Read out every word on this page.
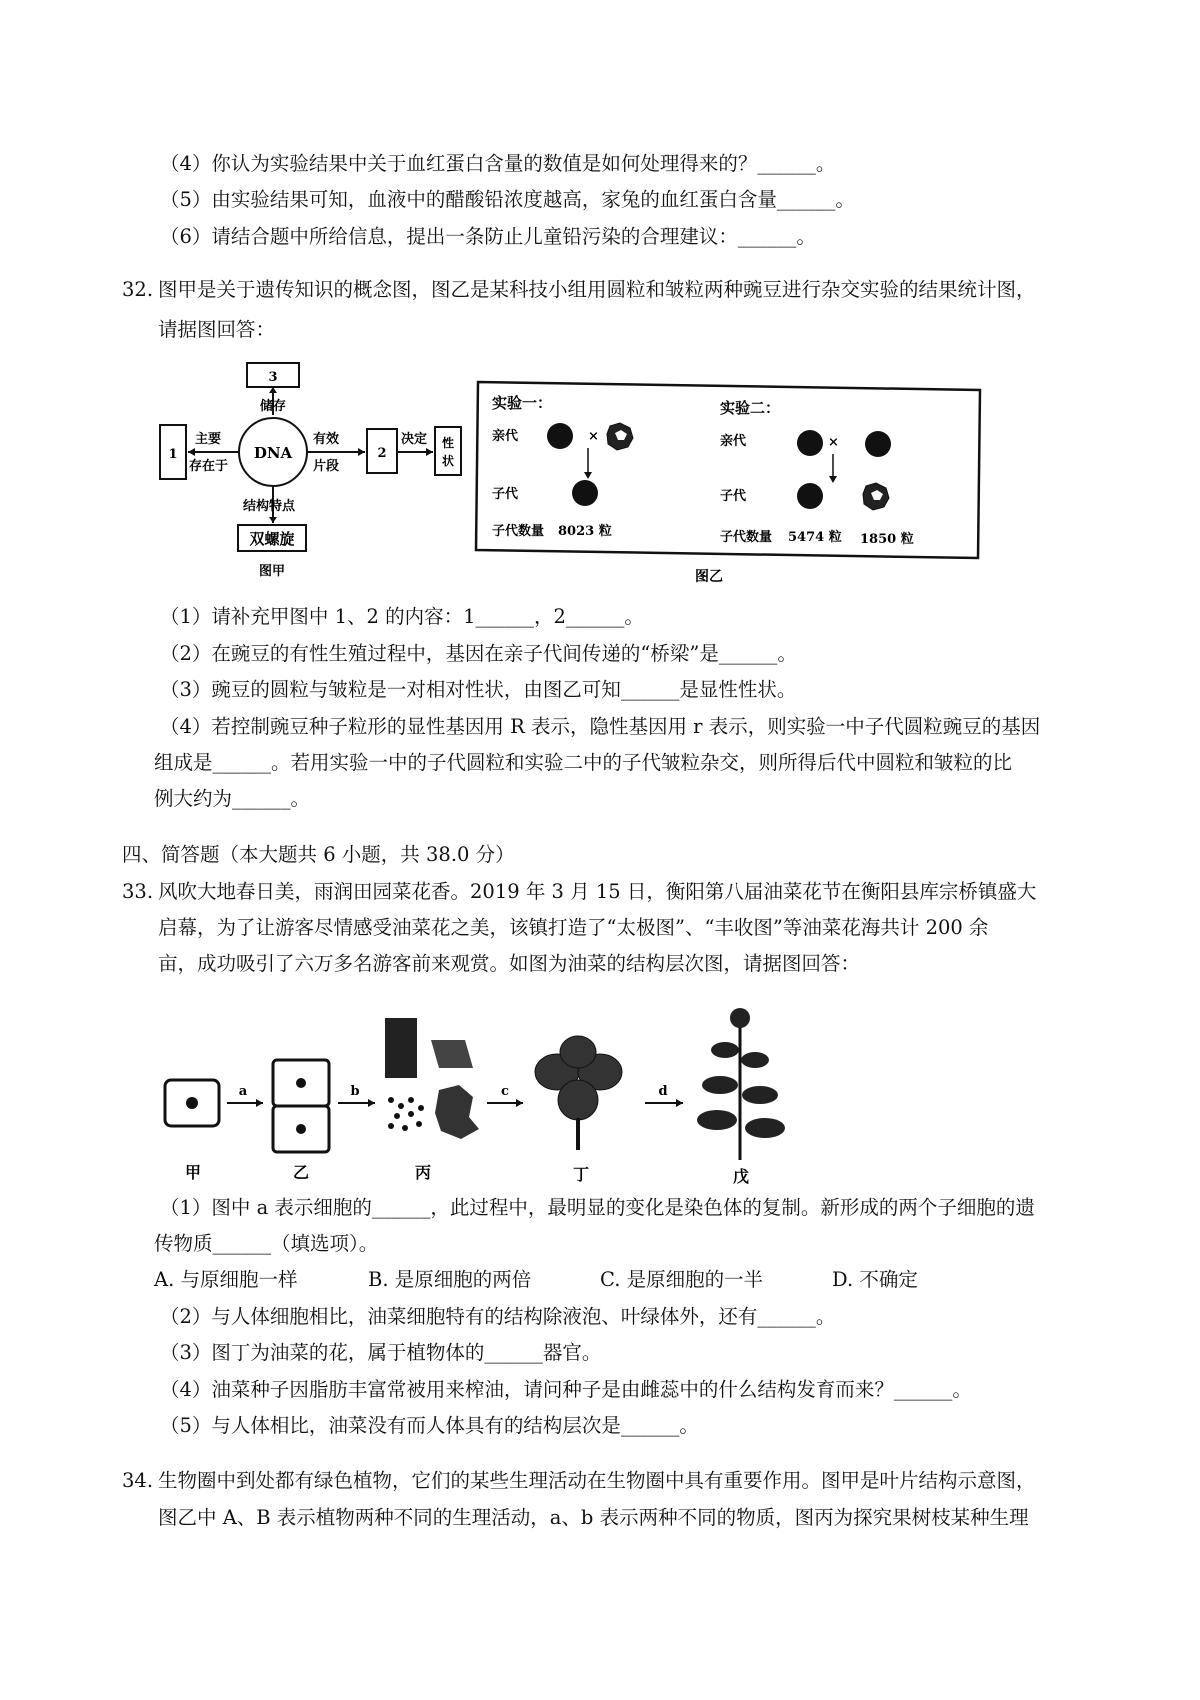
（4）你认为实验结果中关于血红蛋白含量的数值是如何处理得来的？______。
（5）由实验结果可知，血液中的醋酸铅浓度越高，家兔的血红蛋白含量______。
（6）请结合题中所给信息，提出一条防止儿童铅污染的合理建议：______。
32. 图甲是关于遗传知识的概念图，图乙是某科技小组用圆粒和皱粒两种豌豆进行杂交实验的结果统计图，
请据图回答：
3
储存
DNA
1
主要
存在于
有效
片段
2
决定 性状
结构特点
双螺旋
图甲
实验一：
亲代	×
子代
子代数量 8023 粒
实验二：
亲代	×
子代
子代数量 5474 粒 1850 粒
图乙
（1）请补充甲图中 1、2 的内容：1______，2______。
（2）在豌豆的有性生殖过程中，基因在亲子代间传递的“桥梁”是______。
（3）豌豆的圆粒与皱粒是一对相对性状，由图乙可知______是显性性状。
（4）若控制豌豆种子粒形的显性基因用 R 表示，隐性基因用 r 表示，则实验一中子代圆粒豌豆的基因
组成是______。若用实验一中的子代圆粒和实验二中的子代皱粒杂交，则所得后代中圆粒和皱粒的比
例大约为______。
四、简答题（本大题共 6 小题，共 38.0 分）
33. 风吹大地春日美，雨润田园菜花香。2019 年 3 月 15 日，衡阳第八届油菜花节在衡阳县库宗桥镇盛大
启幕，为了让游客尽情感受油菜花之美，该镇打造了“太极图”、“丰收图”等油菜花海共计 200 余
亩，成功吸引了六万多名游客前来观赏。如图为油菜的结构层次图，请据图回答：
a	b	c	d
甲	乙	丙	丁	戊
（1）图中 a 表示细胞的______，此过程中，最明显的变化是染色体的复制。新形成的两个子细胞的遗
传物质______（填选项）。
A. 与原细胞一样	B. 是原细胞的两倍	C. 是原细胞的一半	D. 不确定
（2）与人体细胞相比，油菜细胞特有的结构除液泡、叶绿体外，还有______。
（3）图丁为油菜的花，属于植物体的______器官。
（4）油菜种子因脂肪丰富常被用来榨油，请问种子是由雌蕊中的什么结构发育而来？______。
（5）与人体相比，油菜没有而人体具有的结构层次是______。
34. 生物圈中到处都有绿色植物，它们的某些生理活动在生物圈中具有重要作用。图甲是叶片结构示意图，
图乙中 A、B 表示植物两种不同的生理活动，a、b 表示两种不同的物质，图丙为探究果树枝某种生理
